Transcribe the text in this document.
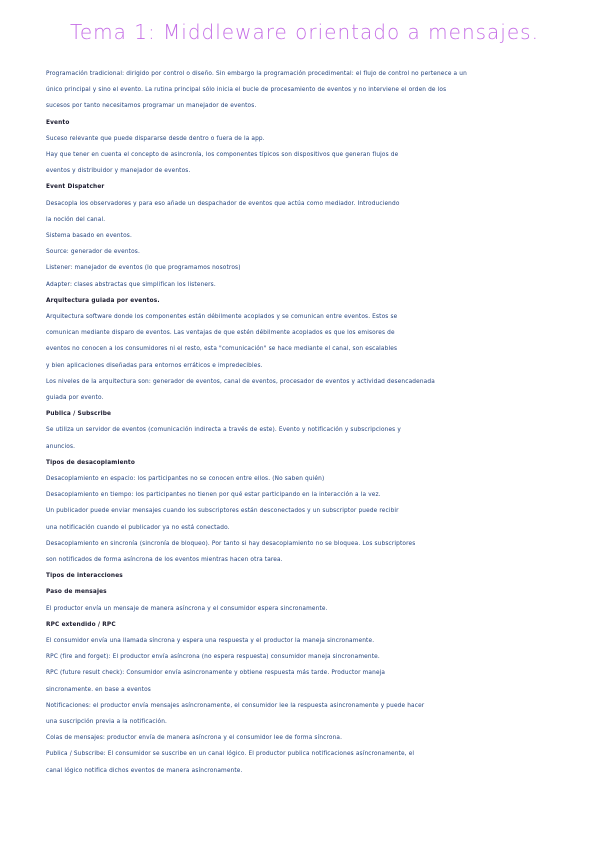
Tema 1: Middleware orientado a mensajes.
Programación tradicional: dirigido por control o diseño. Sin embargo la programación procedimental: el flujo de control no pertenece a un
único principal y sino el evento. La rutina principal sólo inicia el bucle de procesamiento de eventos y no interviene el orden de los
sucesos por tanto necesitamos programar un manejador de eventos.
Evento
Suceso relevante que puede dispararse desde dentro o fuera de la app.
Hay que tener en cuenta el concepto de asincronía, los componentes típicos son dispositivos que generan flujos de
eventos y distribuidor y manejador de eventos.
Event Dispatcher
Desacopla los observadores y para eso añade un despachador de eventos que actúa como mediador. Introduciendo
la noción del canal.
Sistema basado en eventos.
Source: generador de eventos.
Listener: manejador de eventos (lo que programamos nosotros)
Adapter: clases abstractas que simplifican los listeners.
Arquitectura guiada por eventos.
Arquitectura software donde los componentes están débilmente acoplados y se comunican entre eventos. Estos se
comunican mediante disparo de eventos. Las ventajas de que estén débilmente acoplados es que los emisores de
eventos no conocen a los consumidores ni el resto, esta "comunicación" se hace mediante el canal, son escalables
y bien aplicaciones diseñadas para entornos erráticos e impredecibles.
Los niveles de la arquitectura son: generador de eventos, canal de eventos, procesador de eventos y actividad desencadenada
guiada por evento.
Publica / Subscribe
Se utiliza un servidor de eventos (comunicación indirecta a través de este). Evento y notificación y subscripciones y
anuncios.
Tipos de desacoplamiento
Desacoplamiento en espacio: los participantes no se conocen entre ellos. (No saben quién)
Desacoplamiento en tiempo: los participantes no tienen por qué estar participando en la interacción a la vez.
Un publicador puede enviar mensajes cuando los subscriptores están desconectados y un subscriptor puede recibir
una notificación cuando el publicador ya no está conectado.
Desacoplamiento en sincronía (sincronía de bloqueo). Por tanto si hay desacoplamiento no se bloquea. Los subscriptores
son notificados de forma asíncrona de los eventos mientras hacen otra tarea.
Tipos de interacciones
Paso de mensajes
El productor envía un mensaje de manera asíncrona y el consumidor espera sincronamente.
RPC extendido / RPC
El consumidor envía una llamada síncrona y espera una respuesta y el productor la maneja sincronamente.
RPC (fire and forget): El productor envía asíncrona (no espera respuesta) consumidor maneja sincronamente.
RPC (future result check): Consumidor envía asincronamente y obtiene respuesta más tarde. Productor maneja
sincronamente. en base a eventos
Notificaciones: el productor envía mensajes asíncronamente, el consumidor lee la respuesta asincronamente y puede hacer
una suscripción previa a la notificación.
Colas de mensajes: productor envía de manera asíncrona y el consumidor lee de forma síncrona.
Publica / Subscribe: El consumidor se suscribe en un canal lógico. El productor publica notificaciones asíncronamente, el
canal lógico notifica dichos eventos de manera asíncronamente.
